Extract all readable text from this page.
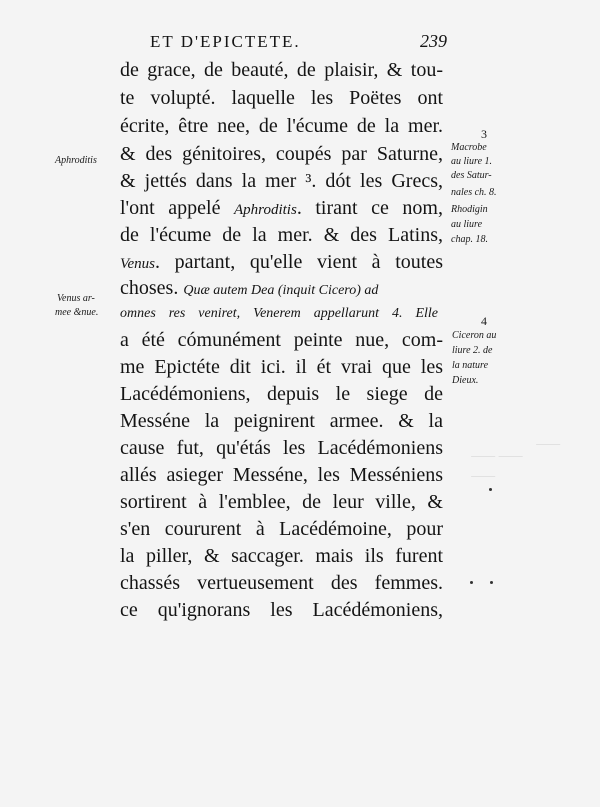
⸻
⸻ ⸻
⸻
ET D'EPICTETE.	239
de grace, de beauté, de plaisir, & tou-
te volupté. laquelle les Poëtes ont
écrite, être nee, de l'écume de la mer.
& des génitoires, coupés par Saturne,
& jettés dans la mer ³. dót les Grecs,
l'ont appelé Aphroditis. tirant ce nom,
de l'écume de la mer. & des Latins,
Venus. partant, qu'elle vient à toutes
choses. Quæ autem Dea (inquit Cicero) ad
omnes res veniret, Venerem appellarunt 4. Elle
a été cómunément peinte nue, com-
me Epictéte dit ici. il ét vrai que les
Lacédémoniens, depuis le siege de
Messéne la peignirent armee. & la
cause fut, qu'étás les Lacédémoniens
allés asieger Messéne, les Messéniens
sortirent à l'emblee, de leur ville, &
s'en coururent à Lacédémoine, pour
la piller, & saccager. mais ils furent
chassés vertueusement des femmes.
ce qu'ignorans les Lacédémoniens,
Aphroditis
Venus ar-
mee &nue.
3
Macrobe
au liure 1.
des Satur-
nales ch. 8.
Rhodigin
au liure
chap. 18.
4
Ciceron au
liure 2. de
la nature
Dieux.
